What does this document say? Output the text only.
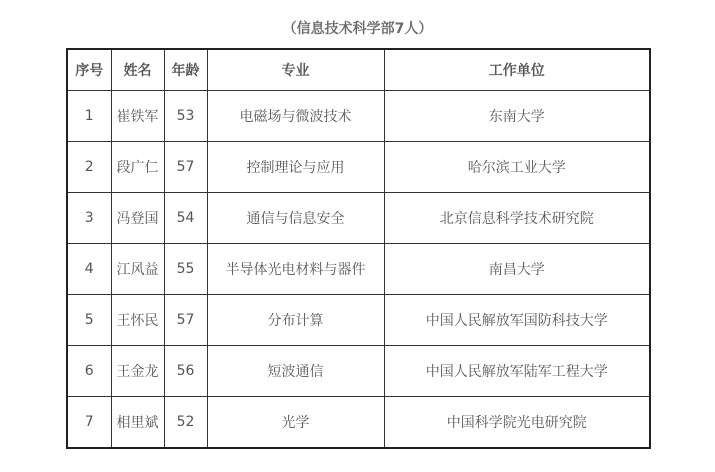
（信息技术科学部7人）
序号	姓名	年龄	专业	工作单位
1	崔铁军	53	电磁场与微波技术	东南大学
2	段广仁	57	控制理论与应用	哈尔滨工业大学
3	冯登国	54	通信与信息安全	北京信息科学技术研究院
4	江风益	55	半导体光电材料与器件	南昌大学
5	王怀民	57	分布计算	中国人民解放军国防科技大学
6	王金龙	56	短波通信	中国人民解放军陆军工程大学
7	相里斌	52	光学	中国科学院光电研究院
